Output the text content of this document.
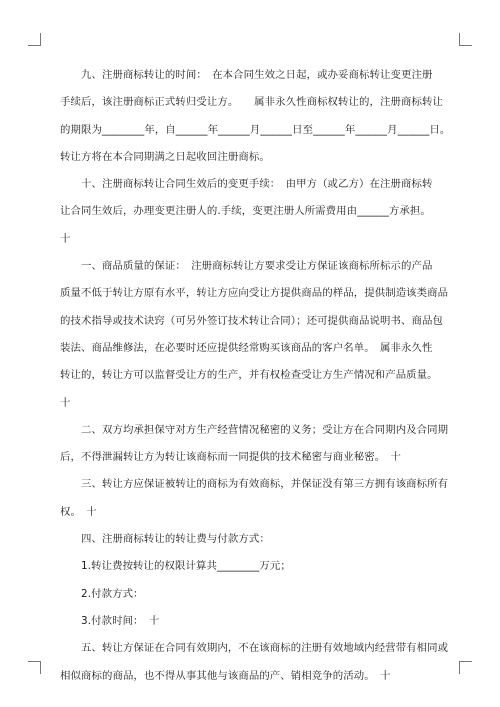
　　九、注册商标转让的时间：　在本合同生效之日起，或办妥商标转让变更注册
手续后，该注册商标正式转归受让方。　　属非永久性商标权转让的，注册商标转让
的期限为________年，自______年______月______日至______年______月______日。
转让方将在本合同期满之日起收回注册商标。
　　十、注册商标转让合同生效后的变更手续：　由甲方（或乙方）在注册商标转
让合同生效后，办理变更注册人的.手续，变更注册人所需费用由______方承担。
十
　　一、商品质量的保证：　注册商标转让方要求受让方保证该商标所标示的产品
质量不低于转让方原有水平，转让方应向受让方提供商品的样品，提供制造该类商品
的技术指导或技术诀窍（可另外签订技术转让合同）；还可提供商品说明书、商品包
装法、商品维修法，在必要时还应提供经常购买该商品的客户名单。　属非永久性
转让的，转让方可以监督受让方的生产，并有权检查受让方生产情况和产品质量。
十
　　二、双方均承担保守对方生产经营情况秘密的义务；受让方在合同期内及合同期
后，不得泄漏转让方为转让该商标而一同提供的技术秘密与商业秘密。　十
　　三、转让方应保证被转让的商标为有效商标，并保证没有第三方拥有该商标所有
权。　十
　　四、注册商标转让的转让费与付款方式：
　　1.转让费按转让的权限计算共________万元；
　　2.付款方式：
　　3.付款时间：　十
　　五、转让方保证在合同有效期内，不在该商标的注册有效地域内经营带有相同或
相似商标的商品，也不得从事其他与该商品的产、销相竞争的活动。　十
